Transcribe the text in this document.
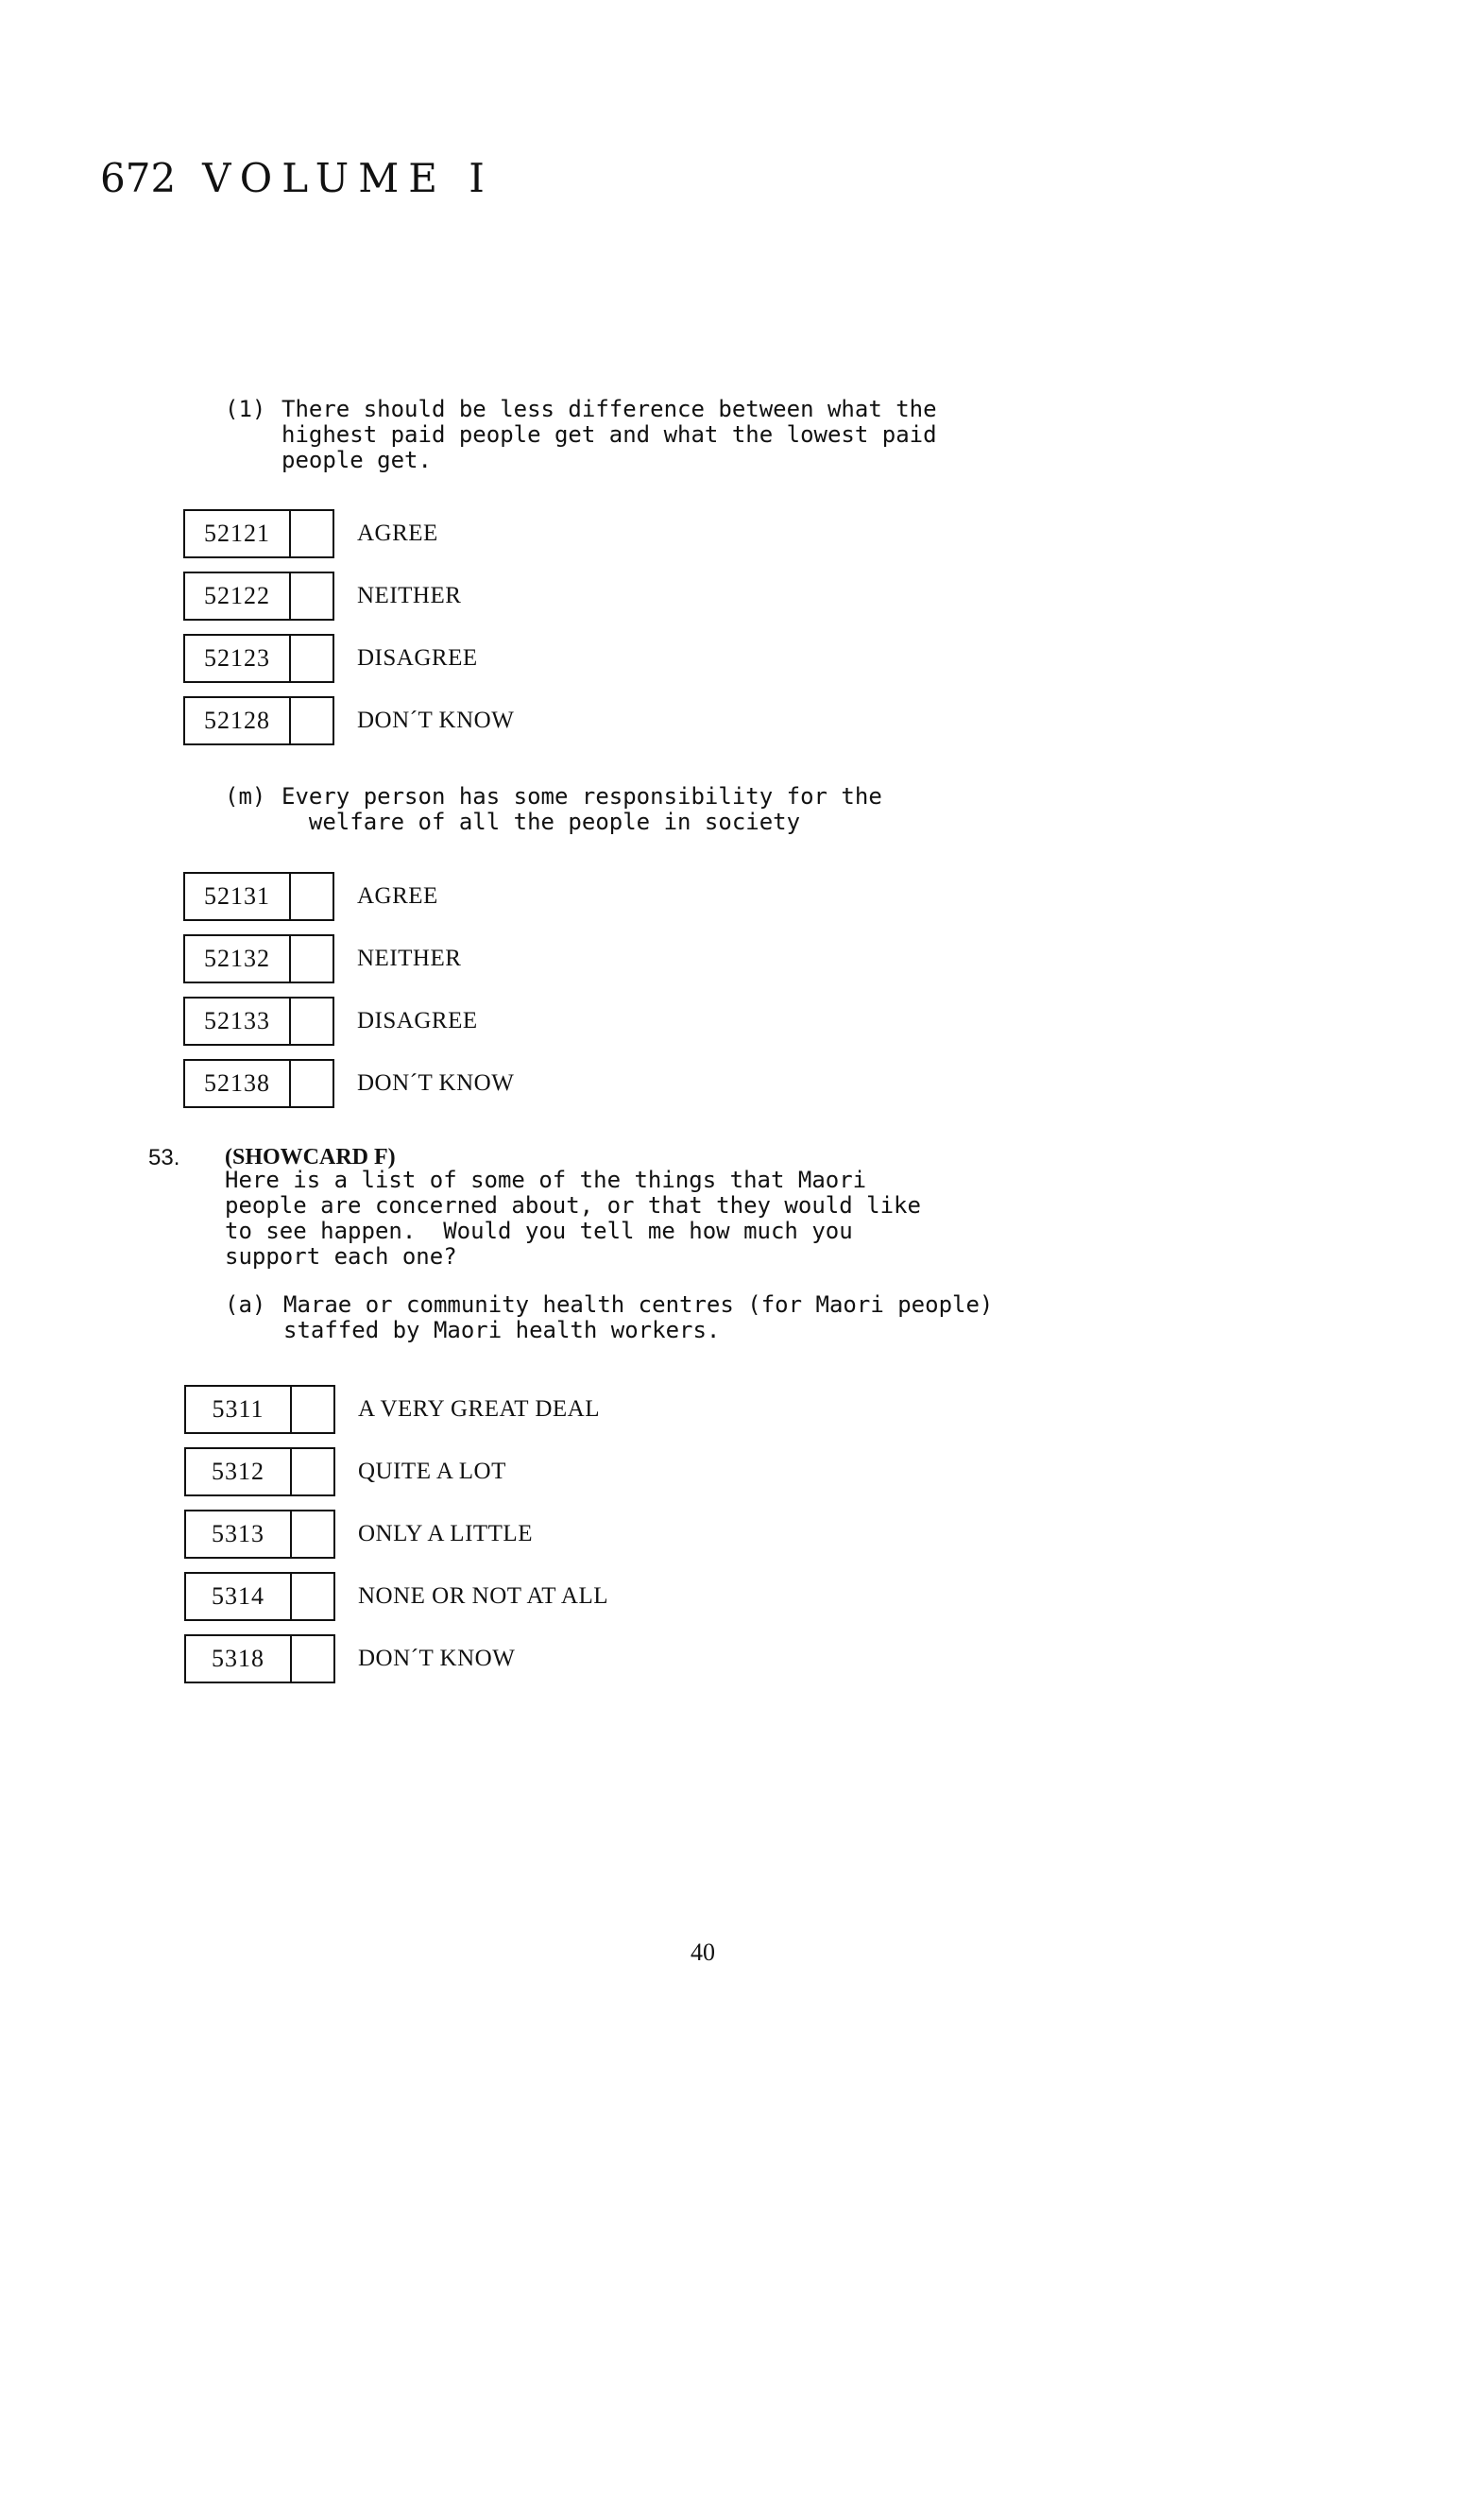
672 VOLUME I
(1) There should be less difference between what the
highest paid people get and what the lowest paid
people get.
52121	AGREE
52122	NEITHER
52123	DISAGREE
52128	DON´T KNOW
(m) Every person has some responsibility for the
welfare of all the people in society
52131	AGREE
52132	NEITHER
52133	DISAGREE
52138	DON´T KNOW
53. (SHOWCARD F)
Here is a list of some of the things that Maori
people are concerned about, or that they would like
to see happen.  Would you tell me how much you
support each one?
(a) Marae or community health centres (for Maori people)
staffed by Maori health workers.
5311	A VERY GREAT DEAL
5312	QUITE A LOT
5313	ONLY A LITTLE
5314	NONE OR NOT AT ALL
5318	DON´T KNOW
40
